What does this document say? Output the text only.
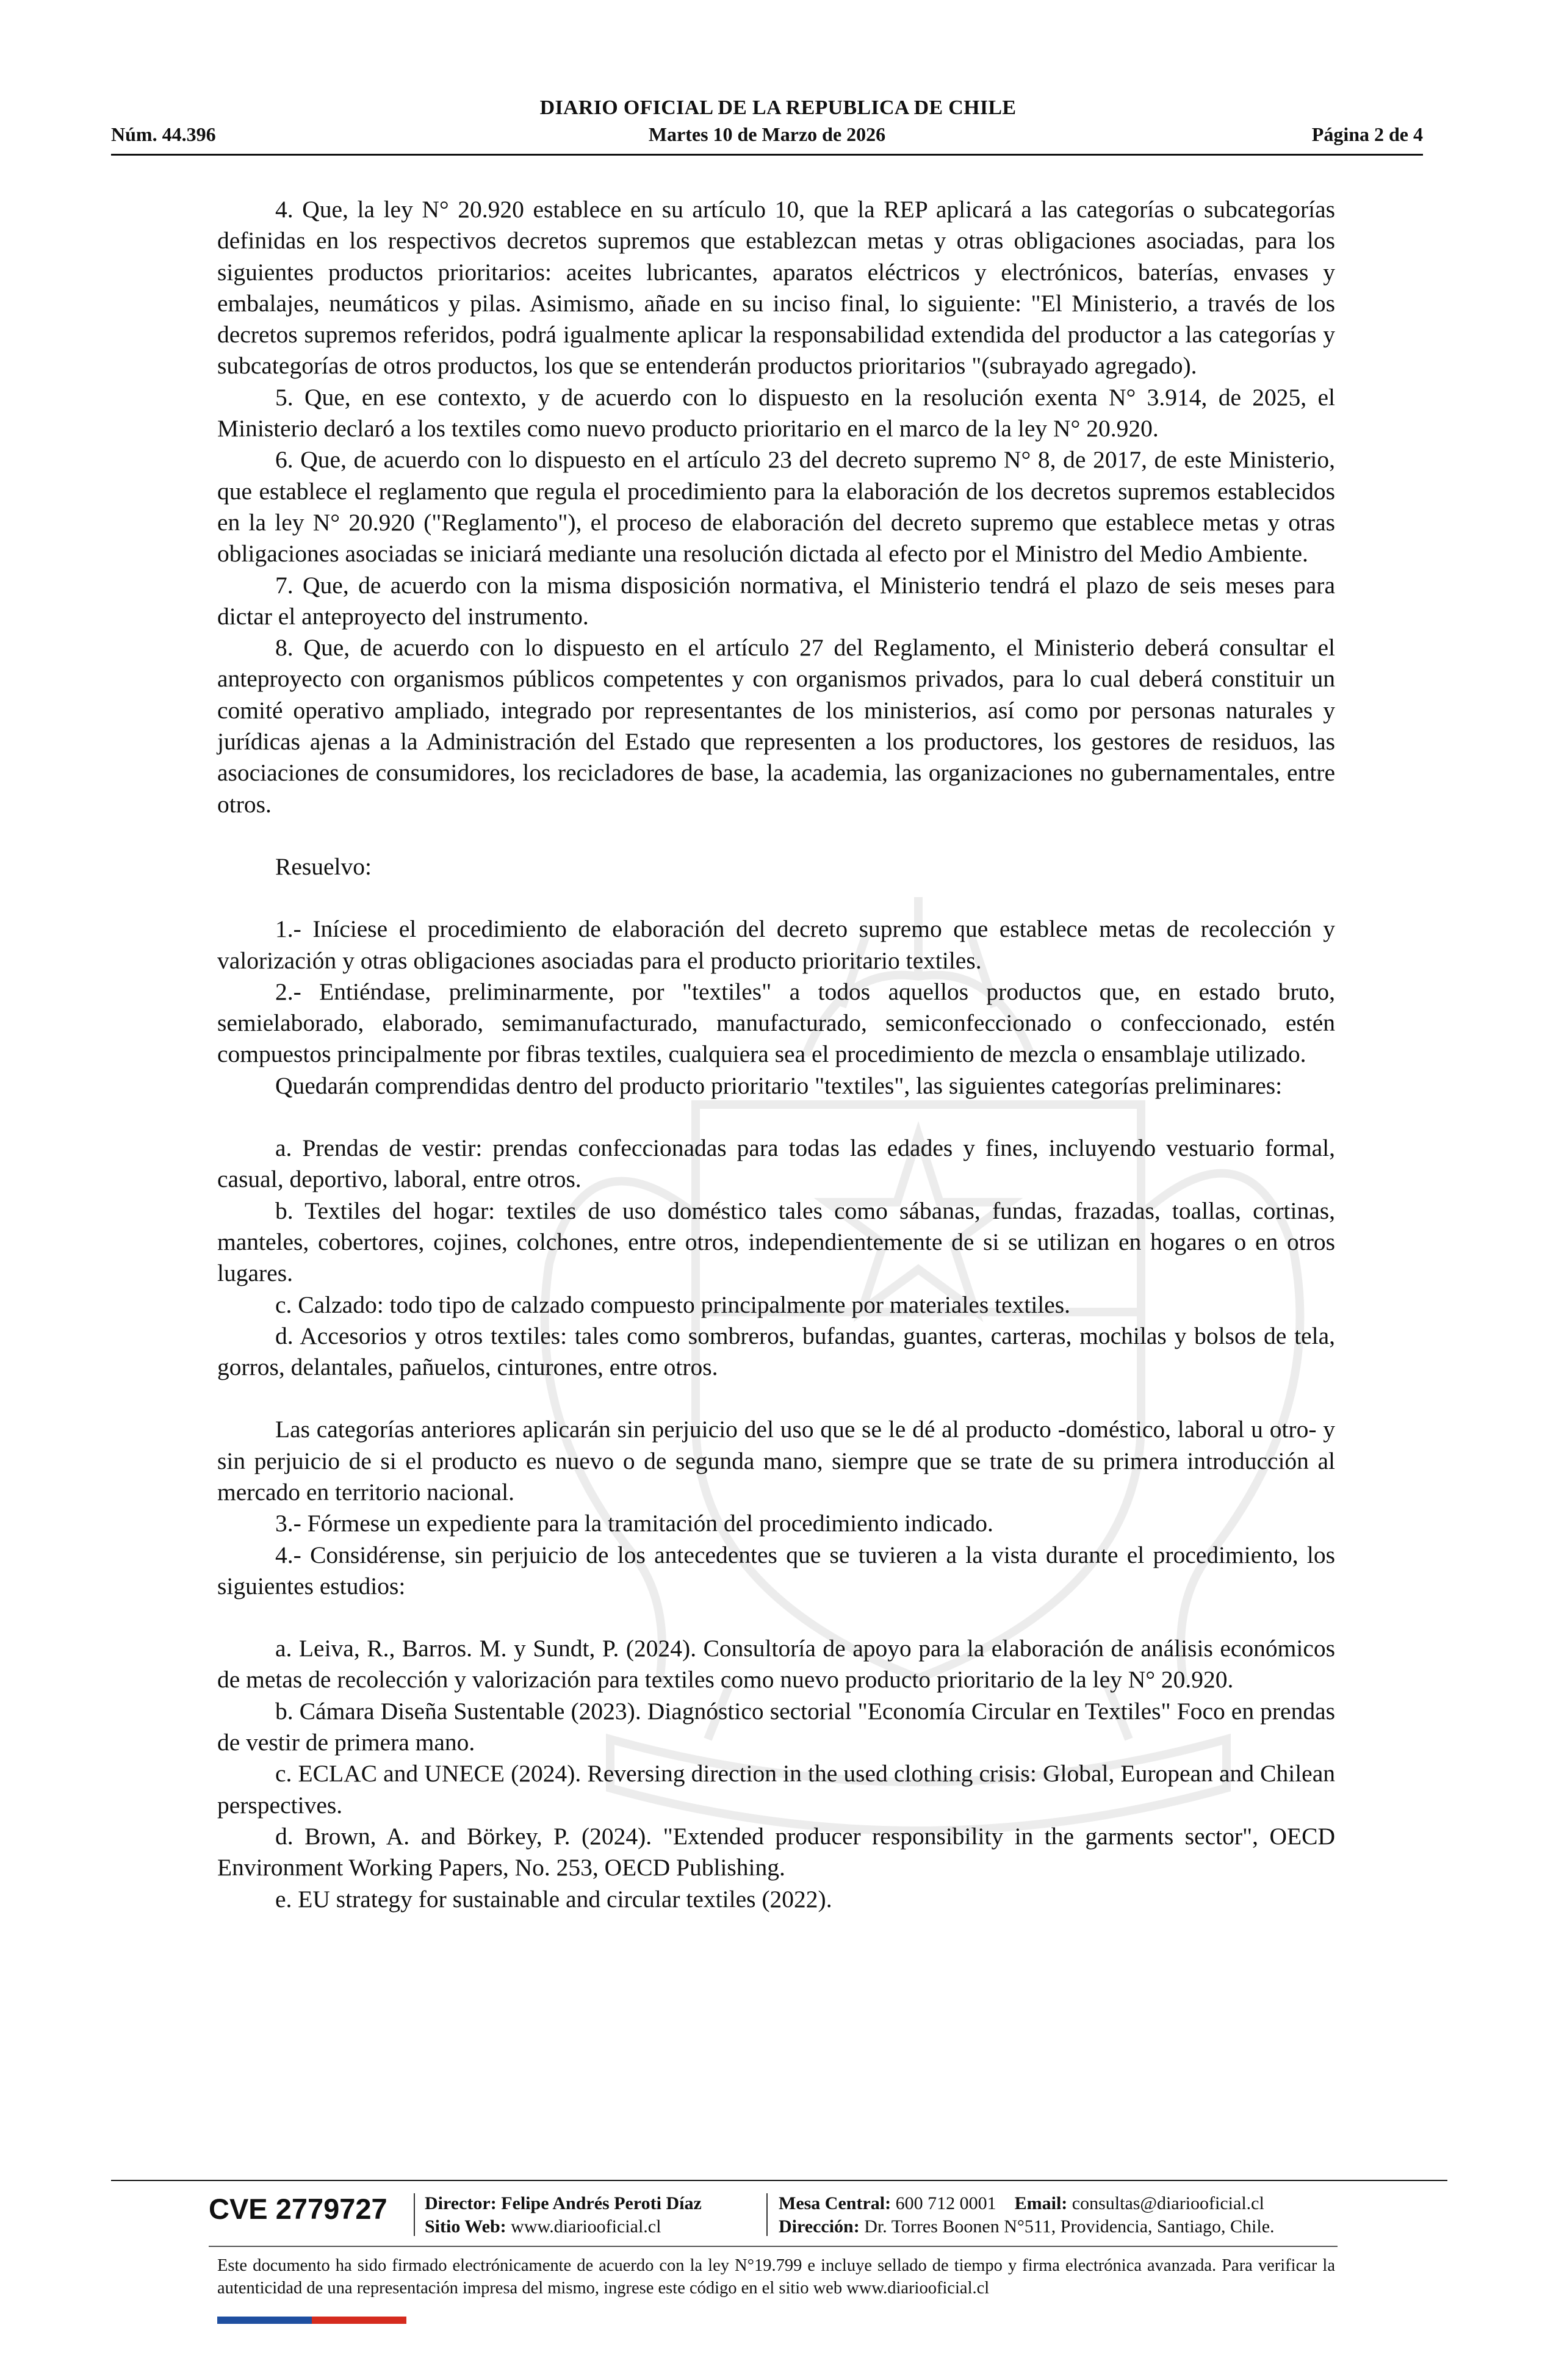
DIARIO OFICIAL DE LA REPUBLICA DE CHILE
Martes 10 de Marzo de 2026
Núm. 44.396	Página 2 de 4

4. Que, la ley N° 20.920 establece en su artículo 10, que la REP aplicará a las categorías o subcategorías definidas en los respectivos decretos supremos que establezcan metas y otras obligaciones asociadas, para los siguientes productos prioritarios: aceites lubricantes, aparatos eléctricos y electrónicos, baterías, envases y embalajes, neumáticos y pilas. Asimismo, añade en su inciso final, lo siguiente: "El Ministerio, a través de los decretos supremos referidos, podrá igualmente aplicar la responsabilidad extendida del productor a las categorías y subcategorías de otros productos, los que se entenderán productos prioritarios "(subrayado agregado).

5. Que, en ese contexto, y de acuerdo con lo dispuesto en la resolución exenta N° 3.914, de 2025, el Ministerio declaró a los textiles como nuevo producto prioritario en el marco de la ley N° 20.920.

6. Que, de acuerdo con lo dispuesto en el artículo 23 del decreto supremo N° 8, de 2017, de este Ministerio, que establece el reglamento que regula el procedimiento para la elaboración de los decretos supremos establecidos en la ley N° 20.920 ("Reglamento"), el proceso de elaboración del decreto supremo que establece metas y otras obligaciones asociadas se iniciará mediante una resolución dictada al efecto por el Ministro del Medio Ambiente.

7. Que, de acuerdo con la misma disposición normativa, el Ministerio tendrá el plazo de seis meses para dictar el anteproyecto del instrumento.

8. Que, de acuerdo con lo dispuesto en el artículo 27 del Reglamento, el Ministerio deberá consultar el anteproyecto con organismos públicos competentes y con organismos privados, para lo cual deberá constituir un comité operativo ampliado, integrado por representantes de los ministerios, así como por personas naturales y jurídicas ajenas a la Administración del Estado que representen a los productores, los gestores de residuos, las asociaciones de consumidores, los recicladores de base, la academia, las organizaciones no gubernamentales, entre otros.

Resuelvo:

1.- Iníciese el procedimiento de elaboración del decreto supremo que establece metas de recolección y valorización y otras obligaciones asociadas para el producto prioritario textiles.

2.- Entiéndase, preliminarmente, por "textiles" a todos aquellos productos que, en estado bruto, semielaborado, elaborado, semimanufacturado, manufacturado, semiconfeccionado o confeccionado, estén compuestos principalmente por fibras textiles, cualquiera sea el procedimiento de mezcla o ensamblaje utilizado.

Quedarán comprendidas dentro del producto prioritario "textiles", las siguientes categorías preliminares:

a. Prendas de vestir: prendas confeccionadas para todas las edades y fines, incluyendo vestuario formal, casual, deportivo, laboral, entre otros.

b. Textiles del hogar: textiles de uso doméstico tales como sábanas, fundas, frazadas, toallas, cortinas, manteles, cobertores, cojines, colchones, entre otros, independientemente de si se utilizan en hogares o en otros lugares.

c. Calzado: todo tipo de calzado compuesto principalmente por materiales textiles.

d. Accesorios y otros textiles: tales como sombreros, bufandas, guantes, carteras, mochilas y bolsos de tela, gorros, delantales, pañuelos, cinturones, entre otros.

Las categorías anteriores aplicarán sin perjuicio del uso que se le dé al producto -doméstico, laboral u otro- y sin perjuicio de si el producto es nuevo o de segunda mano, siempre que se trate de su primera introducción al mercado en territorio nacional.

3.- Fórmese un expediente para la tramitación del procedimiento indicado.

4.- Considérense, sin perjuicio de los antecedentes que se tuvieren a la vista durante el procedimiento, los siguientes estudios:

a. Leiva, R., Barros. M. y Sundt, P. (2024). Consultoría de apoyo para la elaboración de análisis económicos de metas de recolección y valorización para textiles como nuevo producto prioritario de la ley N° 20.920.

b. Cámara Diseña Sustentable (2023). Diagnóstico sectorial "Economía Circular en Textiles" Foco en prendas de vestir de primera mano.

c. ECLAC and UNECE (2024). Reversing direction in the used clothing crisis: Global, European and Chilean perspectives.

d. Brown, A. and Börkey, P. (2024). "Extended producer responsibility in the garments sector", OECD Environment Working Papers, No. 253, OECD Publishing.

e. EU strategy for sustainable and circular textiles (2022).

CVE 2779727 Director: Felipe Andrés Peroti Díaz
Sitio Web: www.diariooficial.cl
Mesa Central: 600 712 0001 Email: consultas@diariooficial.cl
Dirección: Dr. Torres Boonen N°511, Providencia, Santiago, Chile.
Este documento ha sido firmado electrónicamente de acuerdo con la ley N°19.799 e incluye sellado de tiempo y firma electrónica avanzada. Para verificar la autenticidad de una representación impresa del mismo, ingrese este código en el sitio web www.diariooficial.cl
